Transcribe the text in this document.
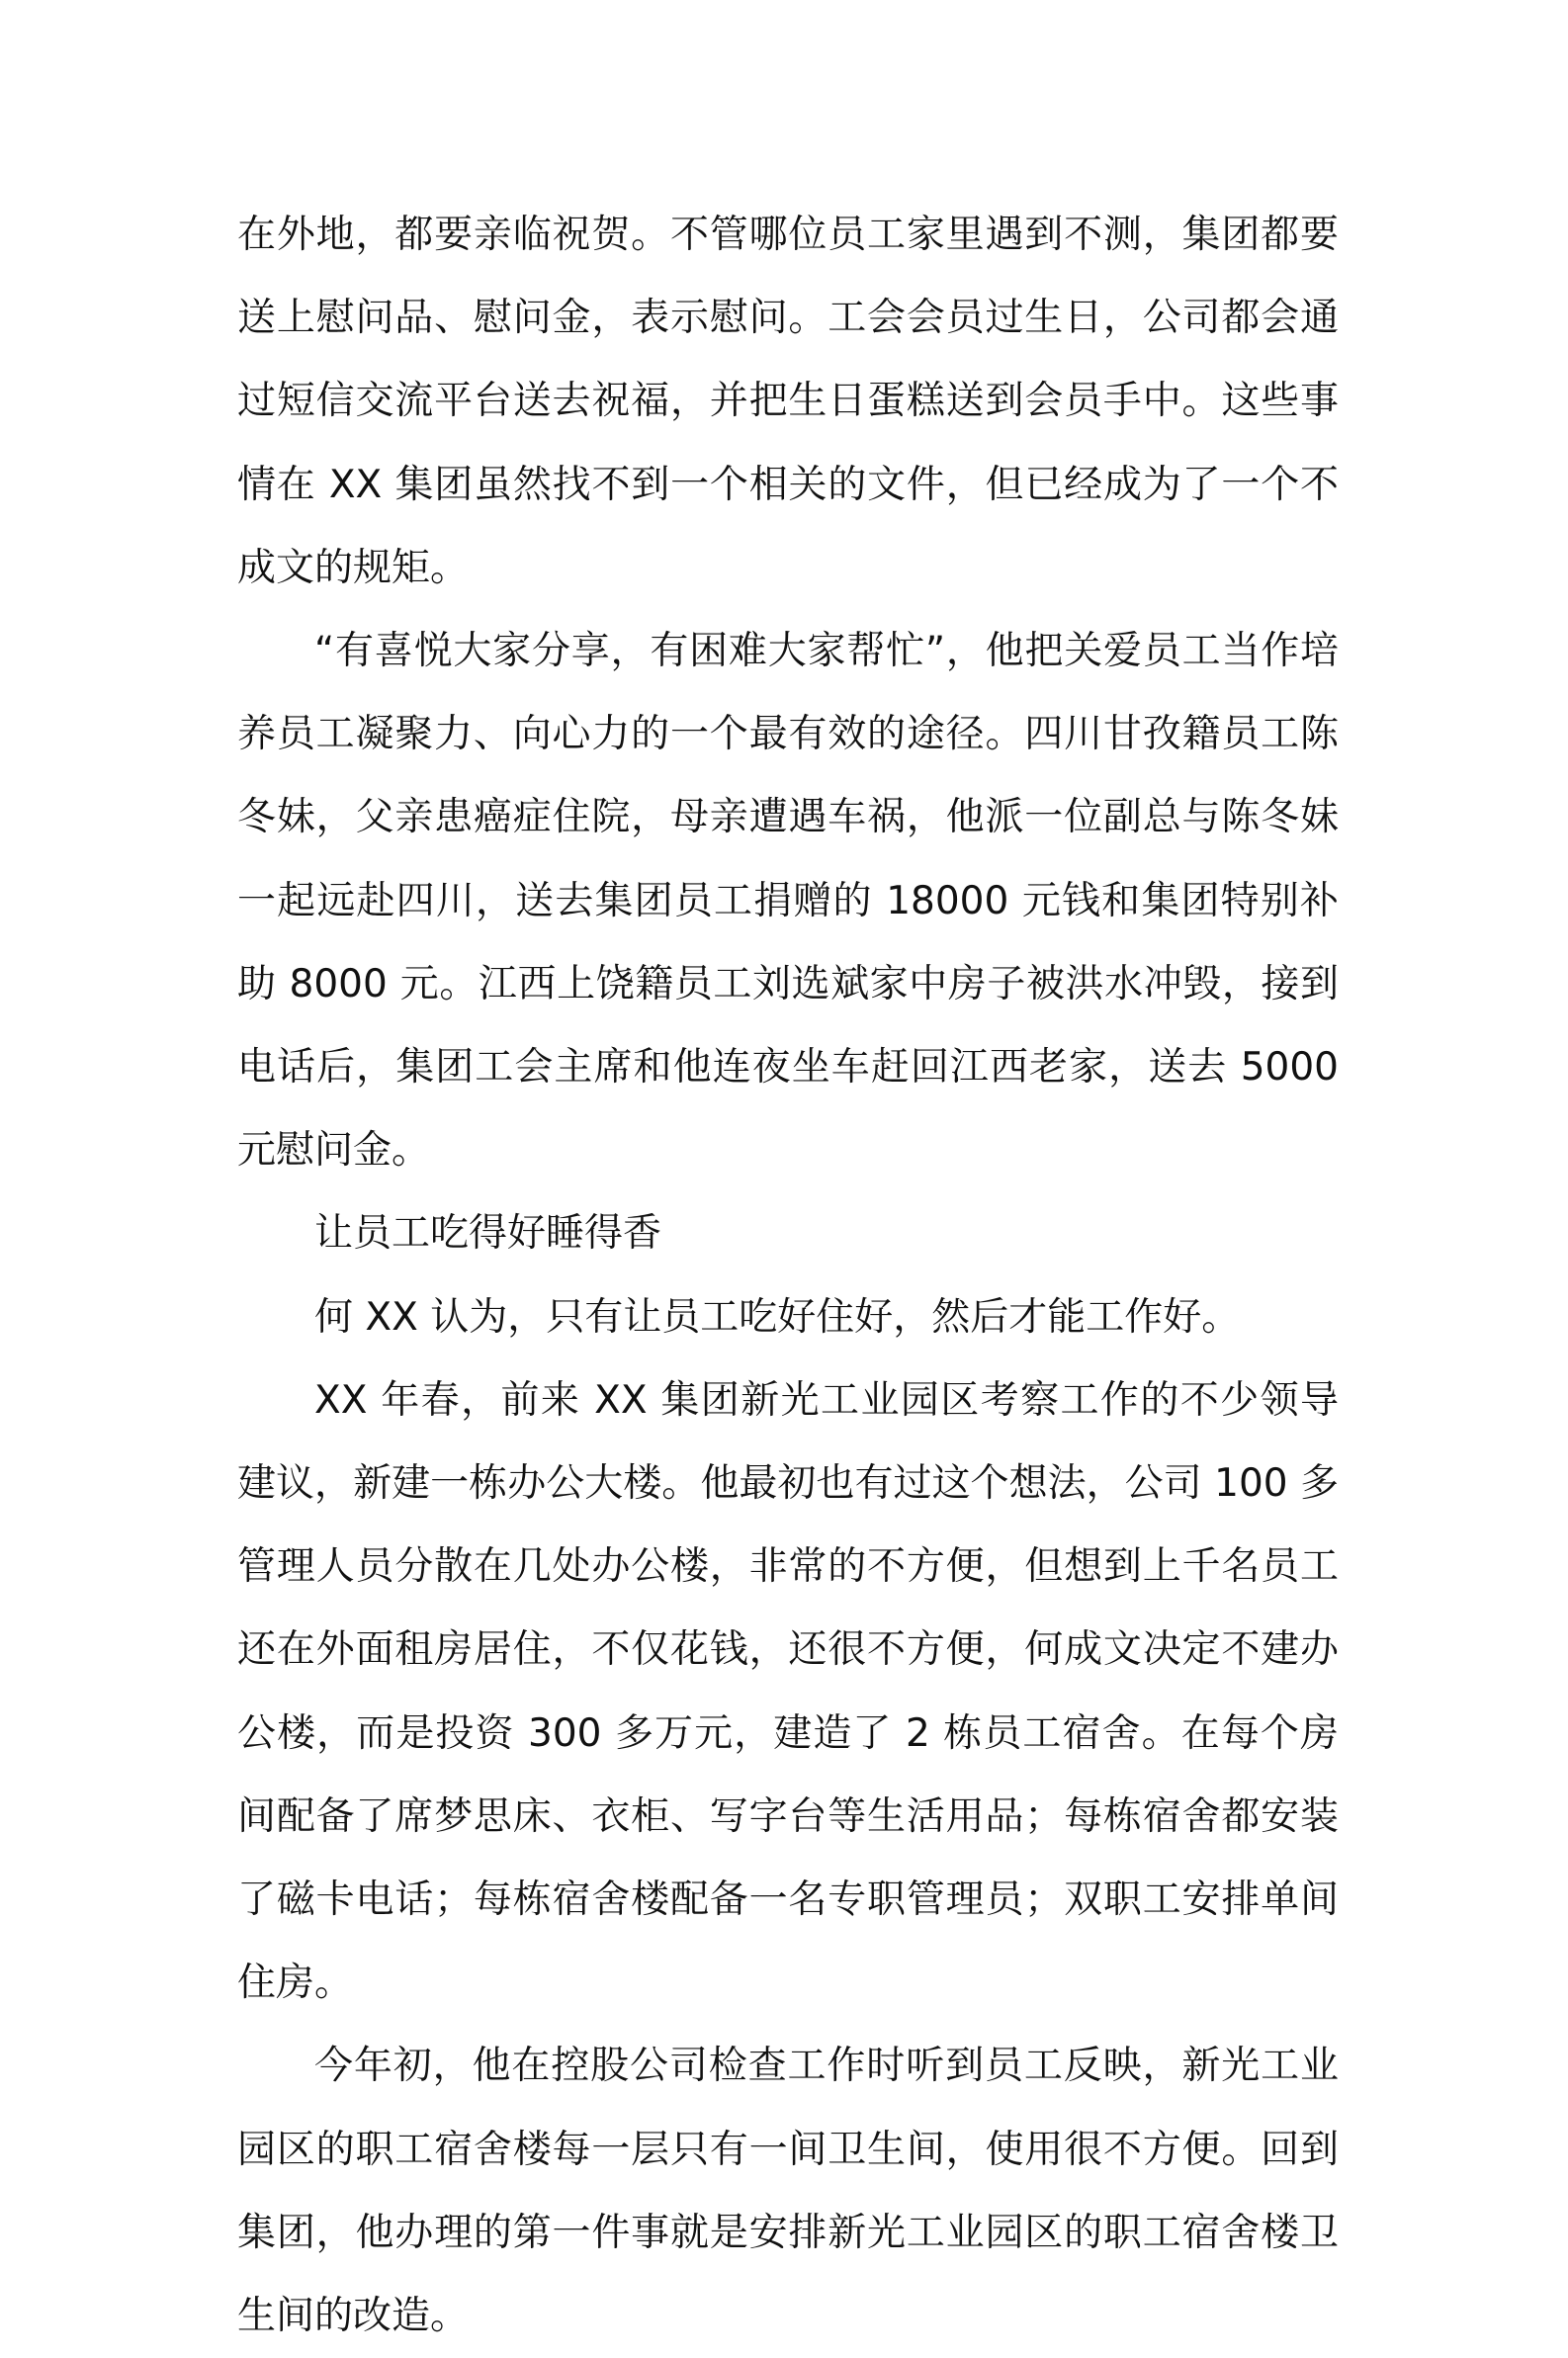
在外地，都要亲临祝贺。不管哪位员工家里遇到不测，集团都要送上慰问品、慰问金，表示慰问。工会会员过生日，公司都会通过短信交流平台送去祝福，并把生日蛋糕送到会员手中。这些事情在 XX 集团虽然找不到一个相关的文件，但已经成为了一个不成文的规矩。

“有喜悦大家分享，有困难大家帮忙”，他把关爱员工当作培养员工凝聚力、向心力的一个最有效的途径。四川甘孜籍员工陈冬妹，父亲患癌症住院，母亲遭遇车祸，他派一位副总与陈冬妹一起远赴四川，送去集团员工捐赠的 18000 元钱和集团特别补助 8000 元。江西上饶籍员工刘选斌家中房子被洪水冲毁，接到电话后，集团工会主席和他连夜坐车赶回江西老家，送去 5000 元慰问金。

让员工吃得好睡得香

何 XX 认为，只有让员工吃好住好，然后才能工作好。

XX 年春，前来 XX 集团新光工业园区考察工作的不少领导建议，新建一栋办公大楼。他最初也有过这个想法，公司 100 多管理人员分散在几处办公楼，非常的不方便，但想到上千名员工还在外面租房居住，不仅花钱，还很不方便，何成文决定不建办公楼，而是投资 300 多万元，建造了 2 栋员工宿舍。在每个房间配备了席梦思床、衣柜、写字台等生活用品；每栋宿舍都安装了磁卡电话；每栋宿舍楼配备一名专职管理员；双职工安排单间住房。

今年初，他在控股公司检查工作时听到员工反映，新光工业园区的职工宿舍楼每一层只有一间卫生间，使用很不方便。回到集团，他办理的第一件事就是安排新光工业园区的职工宿舍楼卫生间的改造。
